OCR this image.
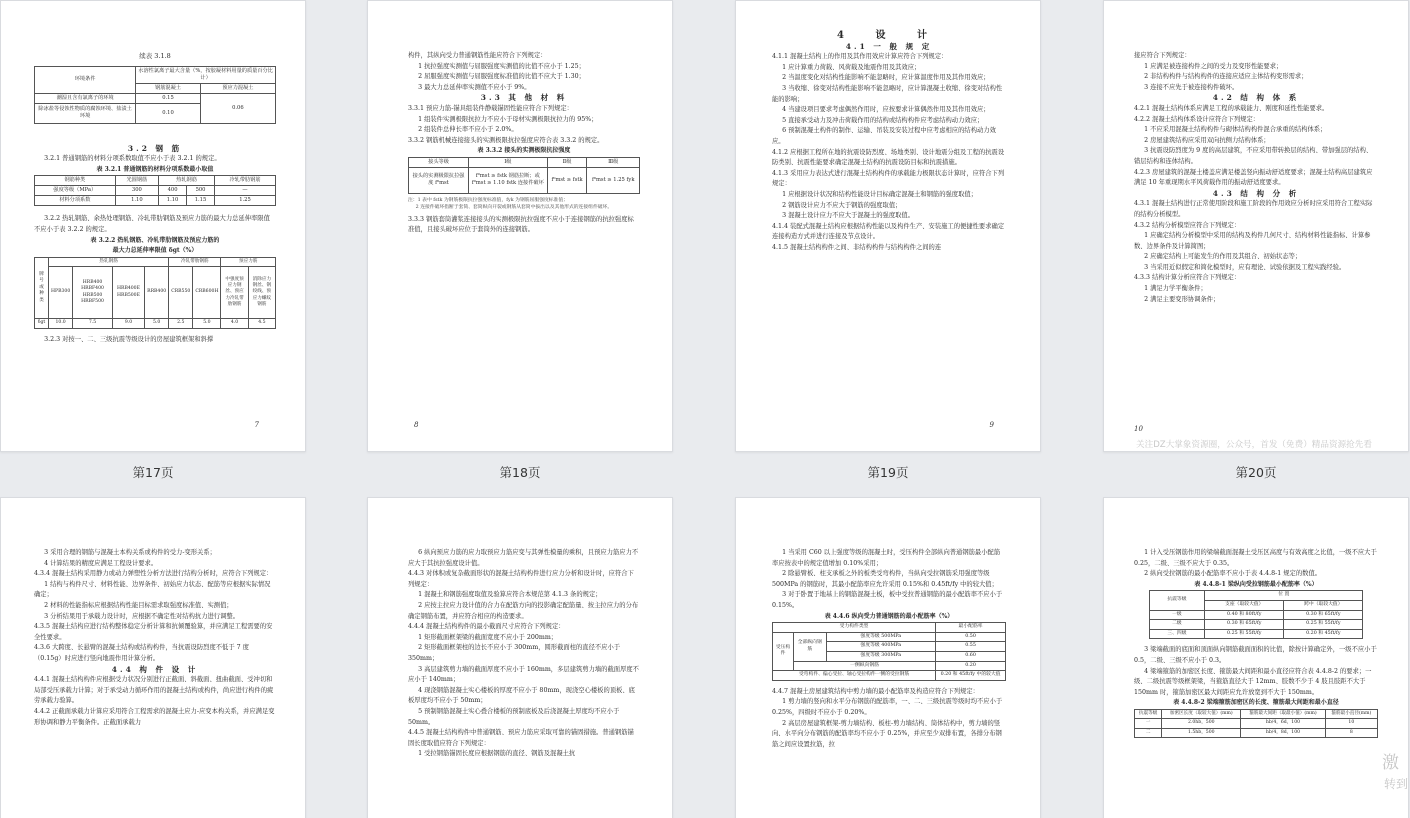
续表 3.1.8

环境条件	水溶性氯离子最大含量（%，按胶凝材料用量的质量百分比计）	
	钢筋混凝土	预应力混凝土
潮湿且含有氯离子的环境	0.15	0.06
除冰盐等侵蚀性物质的腐蚀环境、盐渍土环境	0.10	

3.2 钢 筋

3.2.1 普通钢筋的材料分项系数取值不应小于表 3.2.1 的规定。

表 3.2.1 普通钢筋的材料分项系数最小取值

钢筋种类	光圆钢筋	热轧钢筋		冷轧带肋钢筋
强度等级（MPa）	300	400	500	—
材料分项系数	1.10	1.10	1.15	1.25

3.2.2 热轧钢筋、余热处理钢筋、冷轧带肋钢筋及预应力筋的最大力总延伸率限值不应小于表 3.2.2 的规定。

表 3.2.2 热轧钢筋、冷轧带肋钢筋及预应力筋的

最大力总延伸率限值 δgt（%）

牌号或种类	热轧钢筋				冷轧带肋钢筋		预应力筋	
	HPB300	HRB400 HRBF400 HRB500 HRBF500	HRB400E HRB500E	RRB400	CRB550	CRB600H	中强度预应力钢丝、预应力冷轧带肋钢筋	消除应力钢丝、钢绞线、预应力螺纹钢筋
δgt	10.0	7.5	9.0	5.0	2.5	5.0	4.0	4.5

3.2.3 对按一、二、三级抗震等级设计的房屋建筑框架和斜撑

7
第17页

构件，其纵向受力普通钢筋性能应符合下列规定：

1 抗拉强度实测值与屈服强度实测值的比值不应小于 1.25；

2 屈服强度实测值与屈服强度标准值的比值不应大于 1.30；

3 最大力总延伸率实测值不应小于 9%。

3.3 其 他 材 料

3.3.1 预应力筋-锚具组装件静载锚固性能应符合下列规定：

1 组装件实测极限抗拉力不应小于母材实测极限抗拉力的 95%；

2 组装件总伸长率不应小于 2.0%。

3.3.2 钢筋机械连接接头的实测极限抗拉强度应符合表 3.3.2 的规定。

表 3.3.2 接头的实测极限抗拉强度

接头等级	Ⅰ级	Ⅱ级	Ⅲ级
接头的实测极限抗拉强度 f⁰mst	f⁰mst ≥ fstk 钢筋拉断；或 f⁰mst ≥ 1.10 fstk 连接件破坏	f⁰mst ≥ fstk	f⁰mst ≥ 1.25 fyk

注：1 表中 fstk 为钢筋极限抗拉强度标准值，fyk 为钢筋屈服强度标准值；

2 连接件破坏指断于套筒、套筒纵向开裂或钢筋从套筒中拔出以及其他形式的连接组件破坏。

3.3.3 钢筋套筒灌浆连接接头的实测极限抗拉强度不应小于连接钢筋的抗拉强度标准值，且接头破坏应位于套筒外的连接钢筋。

8
第18页

4 设 计

4.1 一 般 规 定

4.1.1 混凝土结构上的作用及其作用效应计算应符合下列规定：

1 应计算重力荷载、风荷载及地震作用及其效应；

2 当温度变化对结构性能影响不能忽略时，应计算温度作用及其作用效应；

3 当收缩、徐变对结构性能影响不能忽略时，应计算混凝土收缩、徐变对结构性能的影响；

4 当建设项目要求考虑偶然作用时，应按要求计算偶然作用及其作用效应；

5 直接承受动力及冲击荷载作用的结构或结构构件应考虑结构动力效应；

6 预制混凝土构件的制作、运输、吊装及安装过程中应考虑相应的结构动力效应。

4.1.2 应根据工程所在地的抗震设防烈度、场地类别、设计地震分组及工程的抗震设防类别、抗震性能要求确定混凝土结构的抗震设防目标和抗震措施。

4.1.3 采用应力表达式进行混凝土结构构件的承载能力极限状态计算时，应符合下列规定：

1 应根据设计状况和结构性能设计目标确定混凝土和钢筋的强度取值；

2 钢筋设计应力不应大于钢筋的强度取值；

3 混凝土设计应力不应大于混凝土的强度取值。

4.1.4 装配式混凝土结构应根据结构性能以及构件生产、安装施工的便捷性要求确定连接构造方式并进行连接及节点设计。

4.1.5 混凝土结构构件之间、非结构构件与结构构件之间的连

9
第19页

接应符合下列规定：

1 应满足被连接构件之间的受力及变形性能要求；

2 非结构构件与结构构件的连接应适应主体结构变形需求；

3 连接不应先于被连接构件破坏。

4.2 结 构 体 系

4.2.1 混凝土结构体系应满足工程的承载能力、刚度和延性性能要求。

4.2.2 混凝土结构体系设计应符合下列规定：

1 不应采用混凝土结构构件与砌体结构构件混合承重的结构体系；

2 房屋建筑结构应采用双向抗侧力结构体系；

3 抗震设防烈度为 9 度的高层建筑，不应采用带转换层的结构、带加强层的结构、错层结构和连体结构。

4.2.3 房屋建筑的混凝土楼盖应满足楼盖竖向振动舒适度要求；混凝土结构高层建筑应满足 10 年重现期水平风荷载作用的振动舒适度要求。

4.3 结 构 分 析

4.3.1 混凝土结构进行正常使用阶段和施工阶段的作用效应分析时应采用符合工程实际的结构分析模型。

4.3.2 结构分析模型应符合下列规定：

1 应确定结构分析模型中采用的结构及构件几何尺寸、结构材料性能指标、计算参数、边界条件及计算简图；

2 应确定结构上可能发生的作用及其组合、初始状态等；

3 当采用近似假定和简化模型时，应有理论、试验依据及工程实践经验。

4.3.3 结构计算分析应符合下列规定：

1 满足力学平衡条件；

2 满足主要变形协调条件；

10
关注DZ大掌象资源圈，公众号，首发（免费）精品资源抢先看
第20页

3 采用合理的钢筋与混凝土本构关系或构件的受力-变形关系；

4 计算结果的精度应满足工程设计要求。

4.3.4 混凝土结构采用静力或动力弹塑性分析方法进行结构分析时，应符合下列规定：

1 结构与构件尺寸、材料性能、边界条件、初始应力状态、配筋等应根据实际情况确定；

2 材料的性能指标应根据结构性能目标需求取强度标准值、实测值；

3 分析结果用于承载力设计时，应根据不确定性对结构抗力进行调整。

4.3.5 混凝土结构应进行结构整体稳定分析计算和抗倾覆验算，并应满足工程需要的安全性要求。

4.3.6 大跨度、长悬臂的混凝土结构或结构构件，当抗震设防烈度不低于 7 度（0.15g）时应进行竖向地震作用计算分析。

4.4 构 件 设 计

4.4.1 混凝土结构构件应根据受力状况分别进行正截面、斜截面、扭曲截面、受冲切和局部受压承载力计算；对于承受动力循环作用的混凝土结构或构件，尚应进行构件的疲劳承载力验算。

4.4.2 正截面承载力计算应采用符合工程需求的混凝土应力-应变本构关系，并应满足变形协调和静力平衡条件。正截面承载力

6 纵向预应力筋的应力取预应力筋应变与其弹性模量的乘积，且预应力筋应力不应大于其抗拉强度设计值。

4.4.3 对体积或复杂截面形状的混凝土结构构件进行应力分析和设计时，应符合下列规定：

1 混凝土和钢筋强度取值及验算应符合本规范第 4.1.3 条的规定；

2 应按主拉应力设计值的合力在配筋方向的投影确定配筋量、按主拉应力的分布确定钢筋布置，并应符合相应的构造要求。

4.4.4 混凝土结构构件的最小截面尺寸应符合下列规定：

1 矩形截面框架梁的截面宽度不应小于 200mm；

2 矩形截面框架柱的边长不应小于 300mm，圆形截面柱的直径不应小于 350mm；

3 高层建筑剪力墙的截面厚度不应小于 160mm，多层建筑剪力墙的截面厚度不应小于 140mm；

4 现浇钢筋混凝土实心楼板的厚度不应小于 80mm，现浇空心楼板的顶板、底板厚度均不应小于 50mm；

5 预制钢筋混凝土实心叠合楼板的预制底板及后浇混凝土厚度均不应小于 50mm。

4.4.5 混凝土结构构件中普通钢筋、预应力筋应采取可靠的锚固措施。普通钢筋锚固长度取值应符合下列规定：

1 受拉钢筋锚固长度应根据钢筋的直径、钢筋及混凝土抗

1 当采用 C60 以上强度等级的混凝土时，受压构件全部纵向普通钢筋最小配筋率应按表中的规定值增加 0.10%采用；

2 除悬臂板、柱支承板之外的板类受弯构件，当纵向受拉钢筋采用强度等级 500MPa 的钢筋时，其最小配筋率应允许采用 0.15%和 0.45ft/fy 中的较大值；

3 对于卧置于地基上的钢筋混凝土板，板中受拉普通钢筋的最小配筋率不应小于 0.15%。

表 4.4.6 纵向受力普通钢筋的最小配筋率（%）

受力构件类型			最小配筋率
受压构件	全部纵向钢筋	强度等级 500MPa	0.50
		强度等级 400MPa	0.55
		强度等级 300MPa	0.60
	一侧纵向钢筋		0.20
受弯构件、偏心受拉、轴心受拉构件一侧的受拉钢筋			0.20 和 45ft/fy 中的较大值

4.4.7 混凝土房屋建筑结构中剪力墙的最小配筋率及构造应符合下列规定：

1 剪力墙的竖向和水平分布钢筋的配筋率，一、二、三级抗震等级时均不应小于 0.25%，四级时不应小于 0.20%。

2 高层房屋建筑框架-剪力墙结构、板柱-剪力墙结构、筒体结构中，剪力墙的竖向、水平向分布钢筋的配筋率均不应小于 0.25%，并应至少双排布置，各排分布钢筋之间应设置拉筋，拉

1 计入受压钢筋作用的梁端截面混凝土受压区高度与有效高度之比值，一级不应大于 0.25，二级、三级不应大于 0.35。

2 纵向受拉钢筋的最小配筋率不应小于表 4.4.8-1 规定的数值。

表 4.4.8-1 梁纵向受拉钢筋最小配筋率（%）

抗震等级	位 置	
	支座（取较大值）	跨中（取较大值）
一级	0.40 和 80ft/fy	0.30 和 65ft/fy
二级	0.30 和 65ft/fy	0.25 和 55ft/fy
三、四级	0.25 和 55ft/fy	0.20 和 45ft/fy

3 梁端截面的底面和顶面纵向钢筋截面面积的比值，除按计算确定外，一级不应小于 0.5，二级、三级不应小于 0.3。

4 梁端箍筋的加密区长度、箍筋最大间距和最小直径应符合表 4.4.8-2 的要求；一级、二级抗震等级框架梁，当箍筋直径大于 12mm、肢数不少于 4 肢且肢距不大于 150mm 时，箍筋加密区最大间距应允许放宽到不大于 150mm。

表 4.4.8-2 梁端箍筋加密区的长度、箍筋最大间距和最小直径

抗震等级	加密区长度（取较大值）(mm)	箍筋最大间距（取最小值）(mm)	箍筋最小直径(mm)
一	2.0hb，500	hb/4，6d，100	10
二	1.5hb，500	hb/4，8d，100	8
激
转到
